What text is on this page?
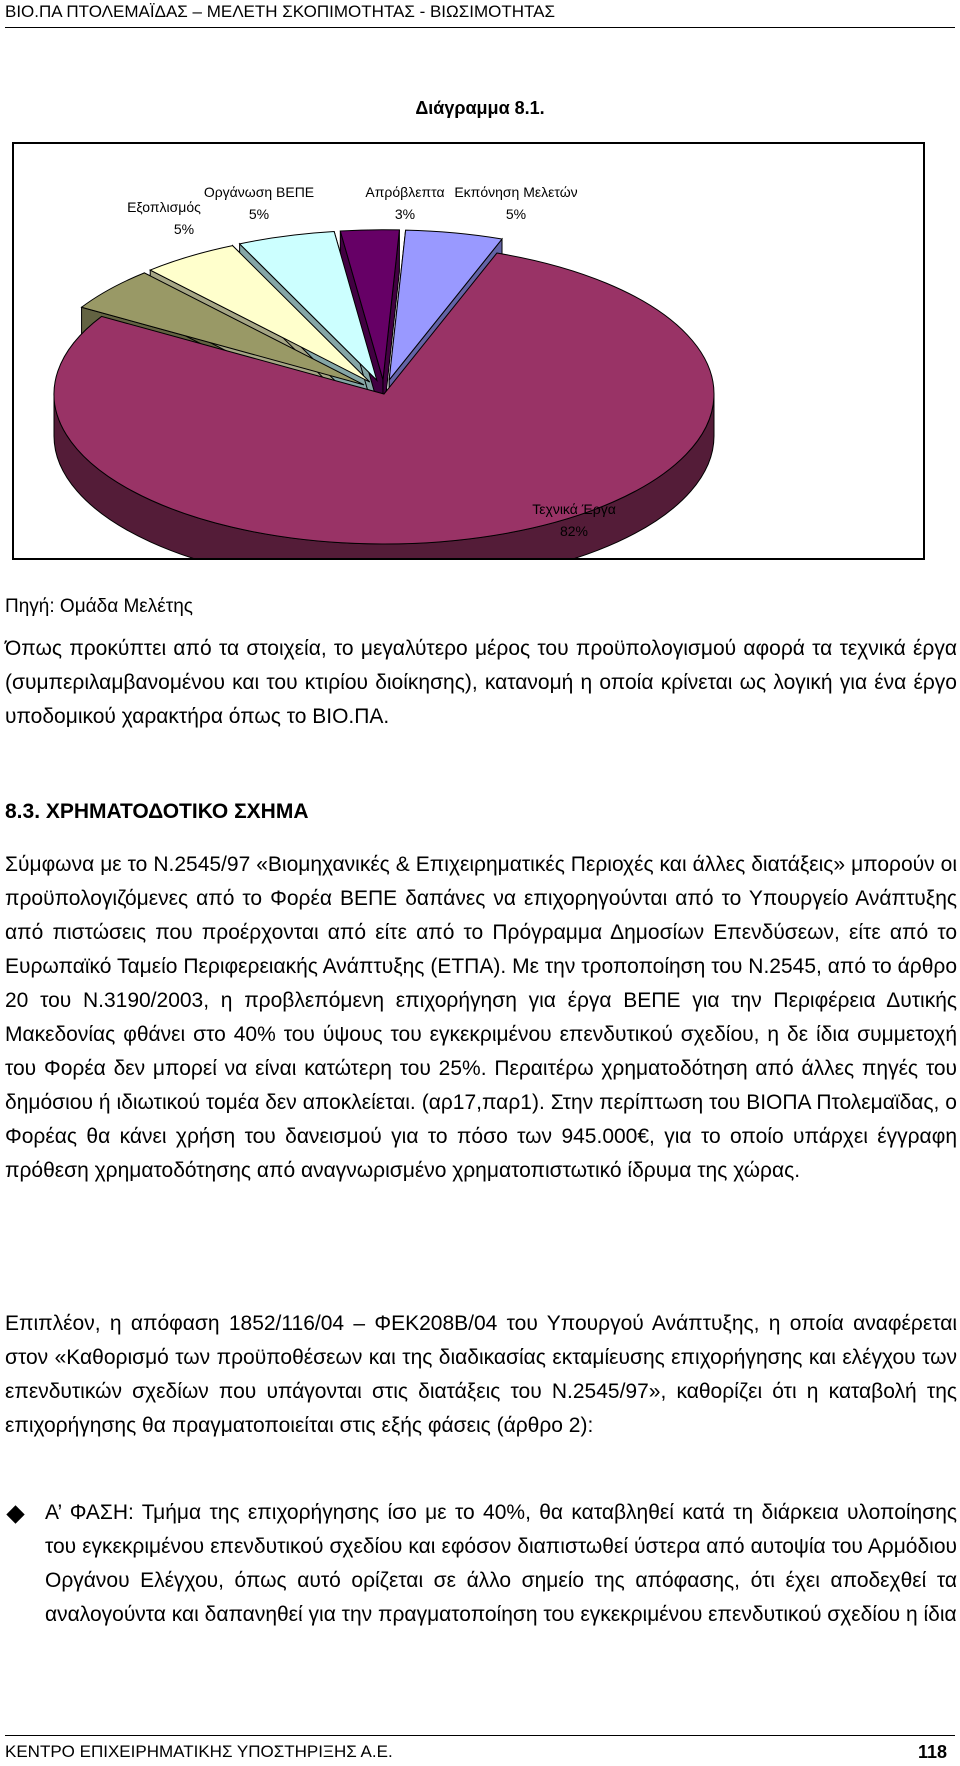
ΒΙΟ.ΠΑ ΠΤΟΛΕΜΑΪΔΑΣ – ΜΕΛΕΤΗ ΣΚΟΠΙΜΟΤΗΤΑΣ - ΒΙΩΣΙΜΟΤΗΤΑΣ
Διάγραμμα 8.1.
Τεχνικά Έργα
82%
Εξοπλισμός
5%
Οργάνωση ΒΕΠΕ
5%
Απρόβλεπτα
3%
Εκπόνηση Μελετών
5%
Πηγή: Ομάδα Μελέτης

Όπως προκύπτει από τα στοιχεία, το μεγαλύτερο μέρος του προϋπολογισμού αφορά τα τεχνικά έργα (συμπεριλαμβανομένου και του κτιρίου διοίκησης), κατανομή η οποία κρίνεται ως λογική για ένα έργο υποδομικού χαρακτήρα όπως το ΒΙΟ.ΠΑ.

8.3. ΧΡΗΜΑΤΟΔΟΤΙΚΟ ΣΧΗΜΑ

Σύμφωνα με το Ν.2545/97 «Βιομηχανικές & Επιχειρηματικές Περιοχές και άλλες διατάξεις» μπορούν οι προϋπολογιζόμενες από το Φορέα ΒΕΠΕ δαπάνες να επιχορηγούνται από το Υπουργείο Ανάπτυξης από πιστώσεις που προέρχονται από είτε από το Πρόγραμμα Δημοσίων Επενδύσεων, είτε από το Ευρωπαϊκό Ταμείο Περιφερειακής Ανάπτυξης (ΕΤΠΑ). Με την τροποποίηση του Ν.2545, από το άρθρο 20 του Ν.3190/2003, η προβλεπόμενη επιχορήγηση για έργα ΒΕΠΕ για την Περιφέρεια Δυτικής Μακεδονίας φθάνει στο 40% του ύψους του εγκεκριμένου επενδυτικού σχεδίου, η δε ίδια συμμετοχή του Φορέα δεν μπορεί να είναι κατώτερη του 25%. Περαιτέρω χρηματοδότηση από άλλες πηγές του δημόσιου ή ιδιωτικού τομέα δεν αποκλείεται. (αρ17,παρ1). Στην περίπτωση του ΒΙΟΠΑ Πτολεμαϊδας, ο Φορέας θα κάνει χρήση του δανεισμού για το πόσο των 945.000€, για το οποίο υπάρχει έγγραφη πρόθεση χρηματοδότησης από αναγνωρισμένο χρηματοπιστωτικό ίδρυμα της χώρας.

Επιπλέον, η απόφαση 1852/116/04 – ΦΕΚ208Β/04 του Υπουργού Ανάπτυξης, η οποία αναφέρεται στον «Καθορισμό των προϋποθέσεων και της διαδικασίας εκταμίευσης επιχορήγησης και ελέγχου των επενδυτικών σχεδίων που υπάγονται στις διατάξεις του Ν.2545/97», καθορίζει ότι η καταβολή της επιχορήγησης θα πραγματοποιείται στις εξής φάσεις (άρθρο 2):

Α’ ΦΑΣΗ: Τμήμα της επιχορήγησης ίσο με το 40%, θα καταβληθεί κατά τη διάρκεια υλοποίησης του εγκεκριμένου επενδυτικού σχεδίου και εφόσον διαπιστωθεί ύστερα από αυτοψία του Αρμόδιου Οργάνου Ελέγχου, όπως αυτό ορίζεται σε άλλο σημείο της απόφασης, ότι έχει αποδεχθεί τα αναλογούντα και δαπανηθεί για την πραγματοποίηση του εγκεκριμένου επενδυτικού σχεδίου η ίδια

ΚΕΝΤΡΟ ΕΠΙΧΕΙΡΗΜΑΤΙΚΗΣ ΥΠΟΣΤΗΡΙΞΗΣ Α.Ε.	118
